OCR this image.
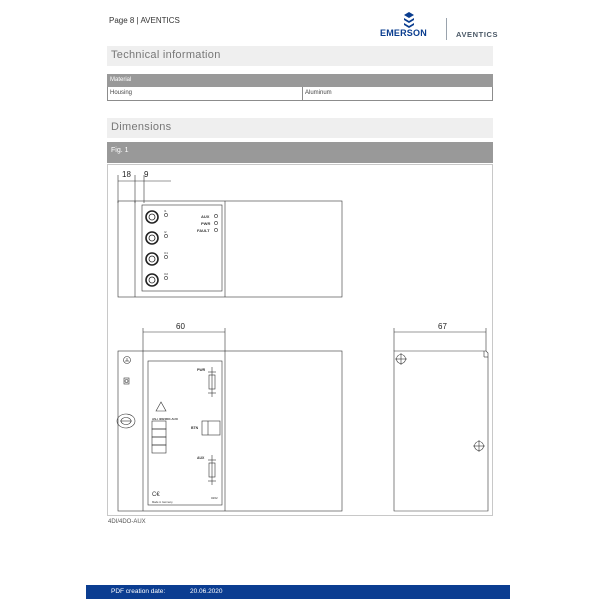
Page 8 | AVENTICS
EMERSON	AVENTICS
Technical information
Material
Housing	Aluminum
Dimensions
Fig. 1
I1
I2
O1
O2
AUX
PWR
FAULT
18 9
60	67
PWR
BTN
AUX
AS-i 4DI/4DO-AUX
Made in Germany
0262
C€
4DI/4DO-AUX
PDF creation date:	20.06.2020
